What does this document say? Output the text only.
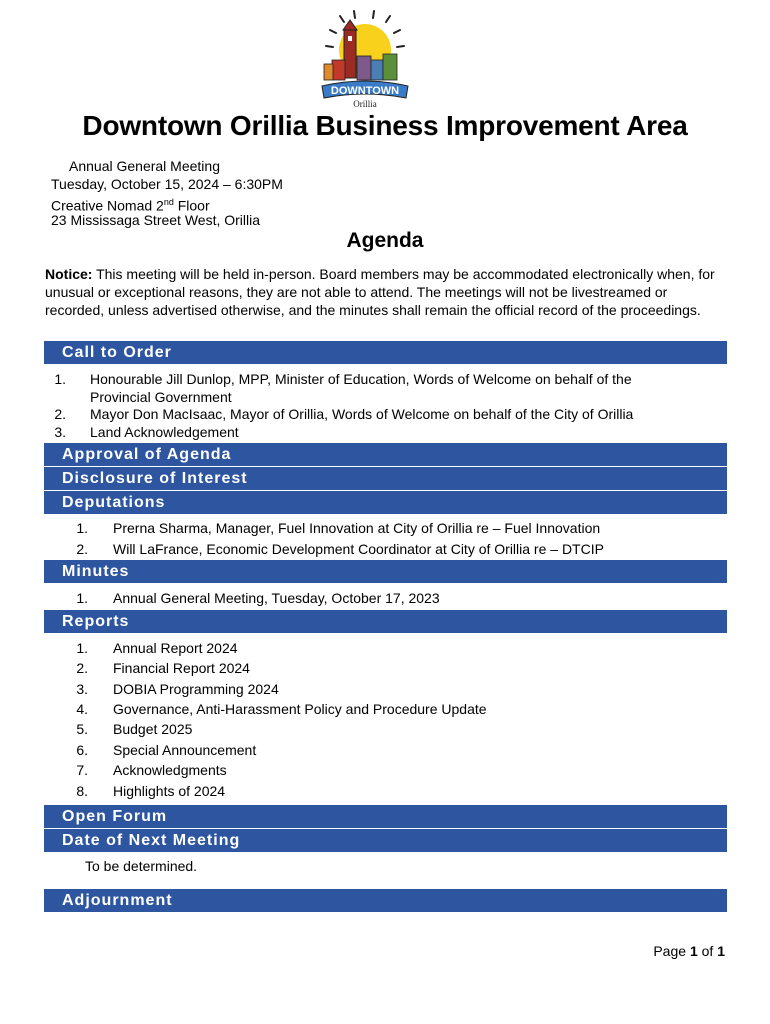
DOWNTOWN
Orillia
Downtown Orillia Business Improvement Area
Annual General Meeting
Tuesday, October 15, 2024 – 6:30PM
Creative Nomad 2nd Floor
23 Mississaga Street West, Orillia
Agenda
Notice: This meeting will be held in-person. Board members may be accommodated electronically when, for unusual or exceptional reasons, they are not able to attend. The meetings will not be livestreamed or recorded, unless advertised otherwise, and the minutes shall remain the official record of the proceedings.
Call to Order
1. Honourable Jill Dunlop, MPP, Minister of Education, Words of Welcome on behalf of the
Provincial Government
2. Mayor Don MacIsaac, Mayor of Orillia, Words of Welcome on behalf of the City of Orillia
3. Land Acknowledgement
Approval of Agenda
Disclosure of Interest
Deputations
1. Prerna Sharma, Manager, Fuel Innovation at City of Orillia re – Fuel Innovation
2. Will LaFrance, Economic Development Coordinator at City of Orillia re – DTCIP
Minutes
1. Annual General Meeting, Tuesday, October 17, 2023
Reports
1. Annual Report 2024
2. Financial Report 2024
3. DOBIA Programming 2024
4. Governance, Anti-Harassment Policy and Procedure Update
5. Budget 2025
6. Special Announcement
7. Acknowledgments
8. Highlights of 2024
Open Forum
Date of Next Meeting
To be determined.
Adjournment
Page 1 of 1
